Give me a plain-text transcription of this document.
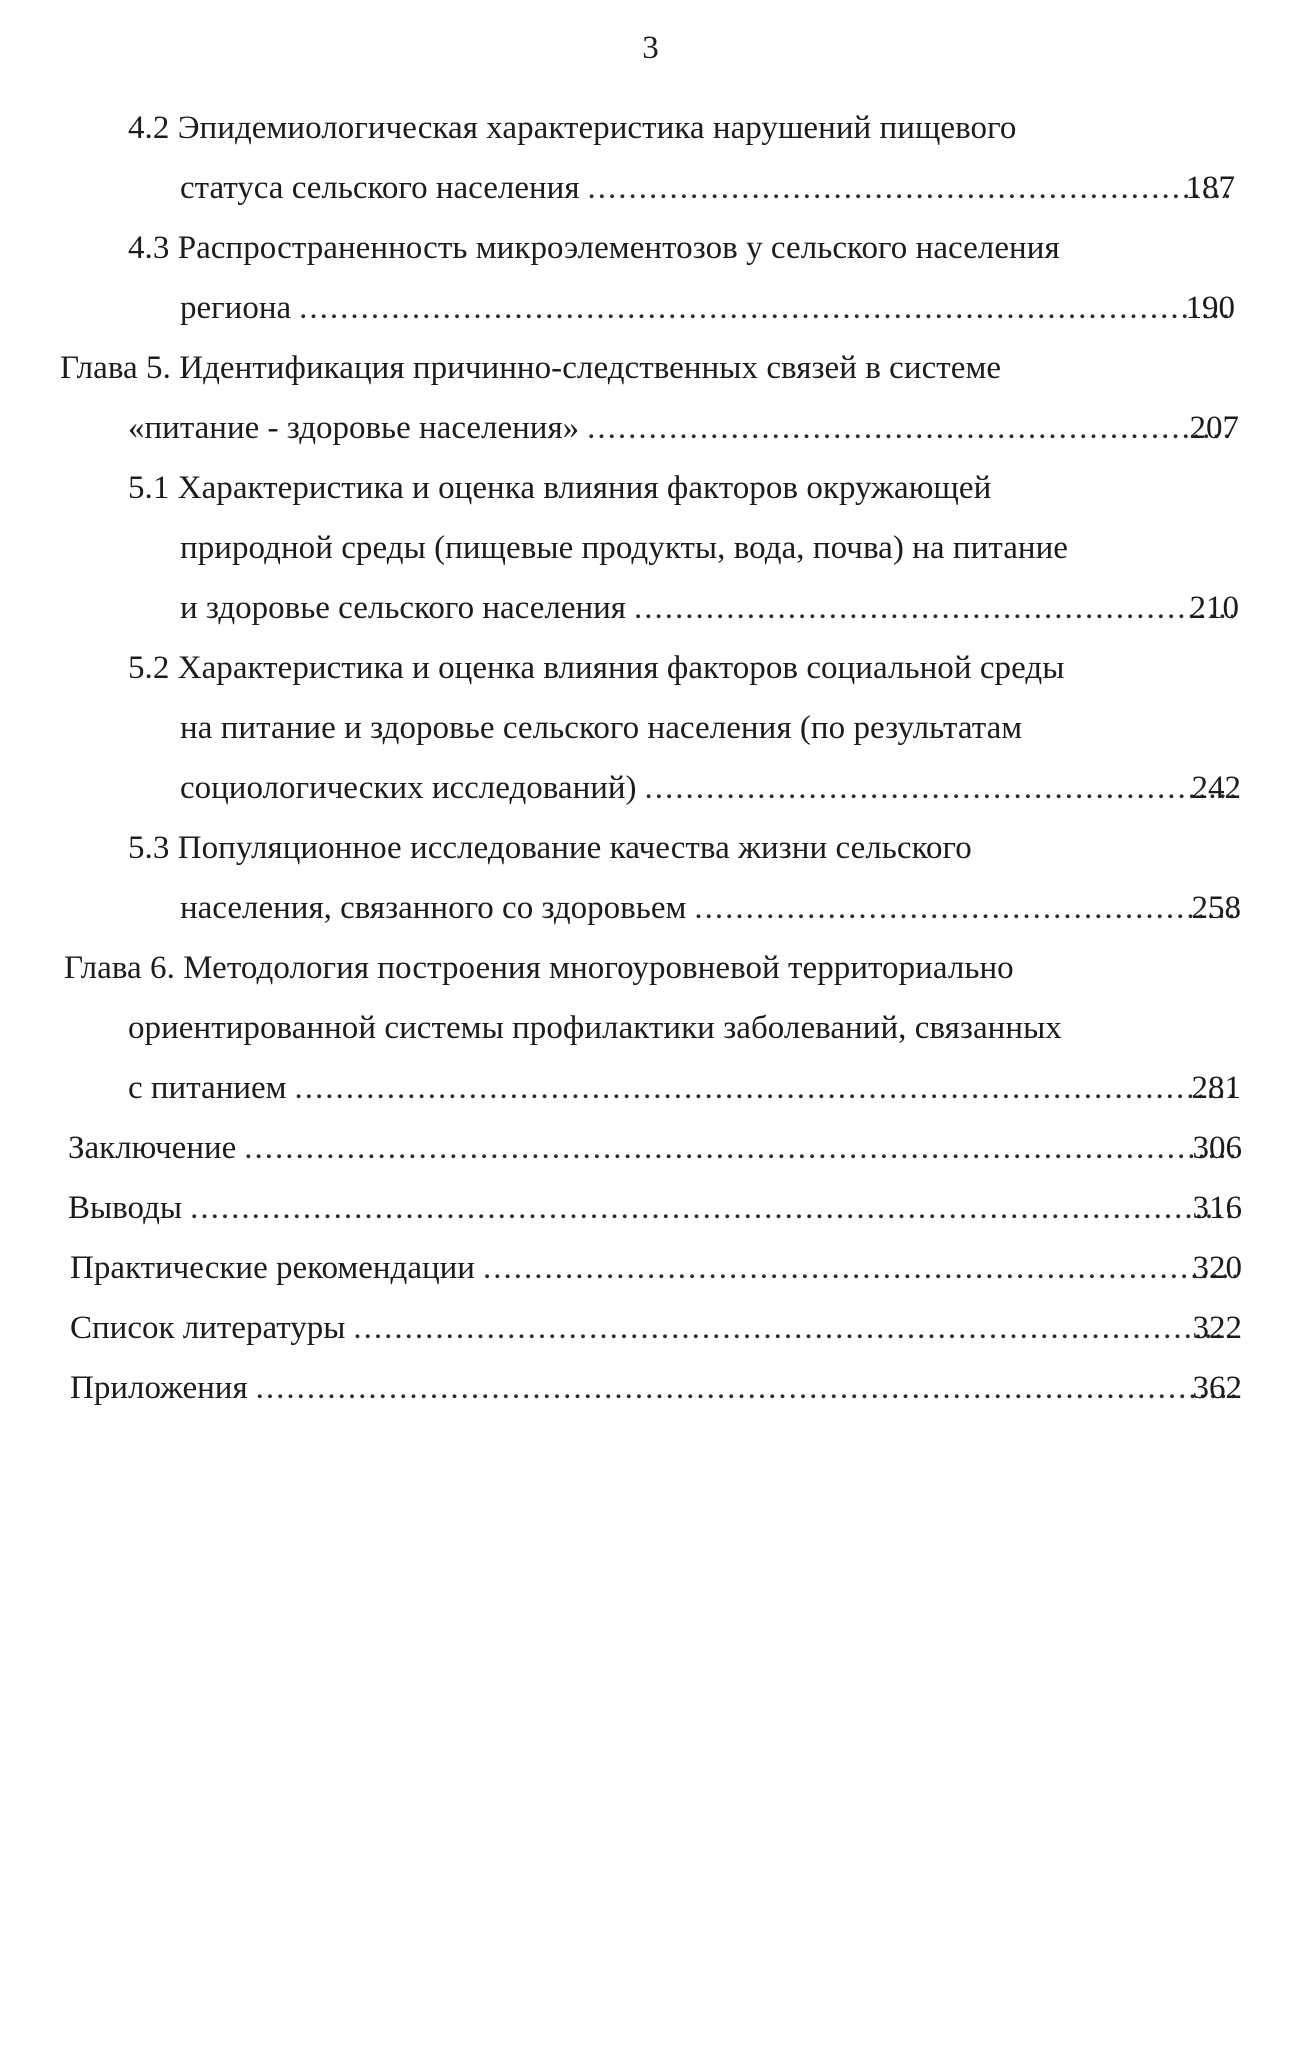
3
4.2 Эпидемиологическая характеристика нарушений пищевого
статуса сельского населения .....	187
4.3 Распространенность микроэлементозов у сельского населения
региона .....	190
Глава 5. Идентификация причинно-следственных связей в системе
«питание - здоровье населения» .....	207
5.1 Характеристика и оценка влияния факторов окружающей
природной среды (пищевые продукты, вода, почва) на питание
и здоровье сельского населения .....	210
5.2 Характеристика и оценка влияния факторов социальной среды
на питание и здоровье сельского населения (по результатам
социологических исследований) .....	242
5.3 Популяционное исследование качества жизни сельского
населения, связанного со здоровьем .....	258
Глава 6. Методология построения многоуровневой территориально
ориентированной системы профилактики заболеваний, связанных
с питанием .....	281
Заключение .....	306
Выводы .....	316
Практические рекомендации .....	320
Список литературы .....	322
Приложения .....	362
